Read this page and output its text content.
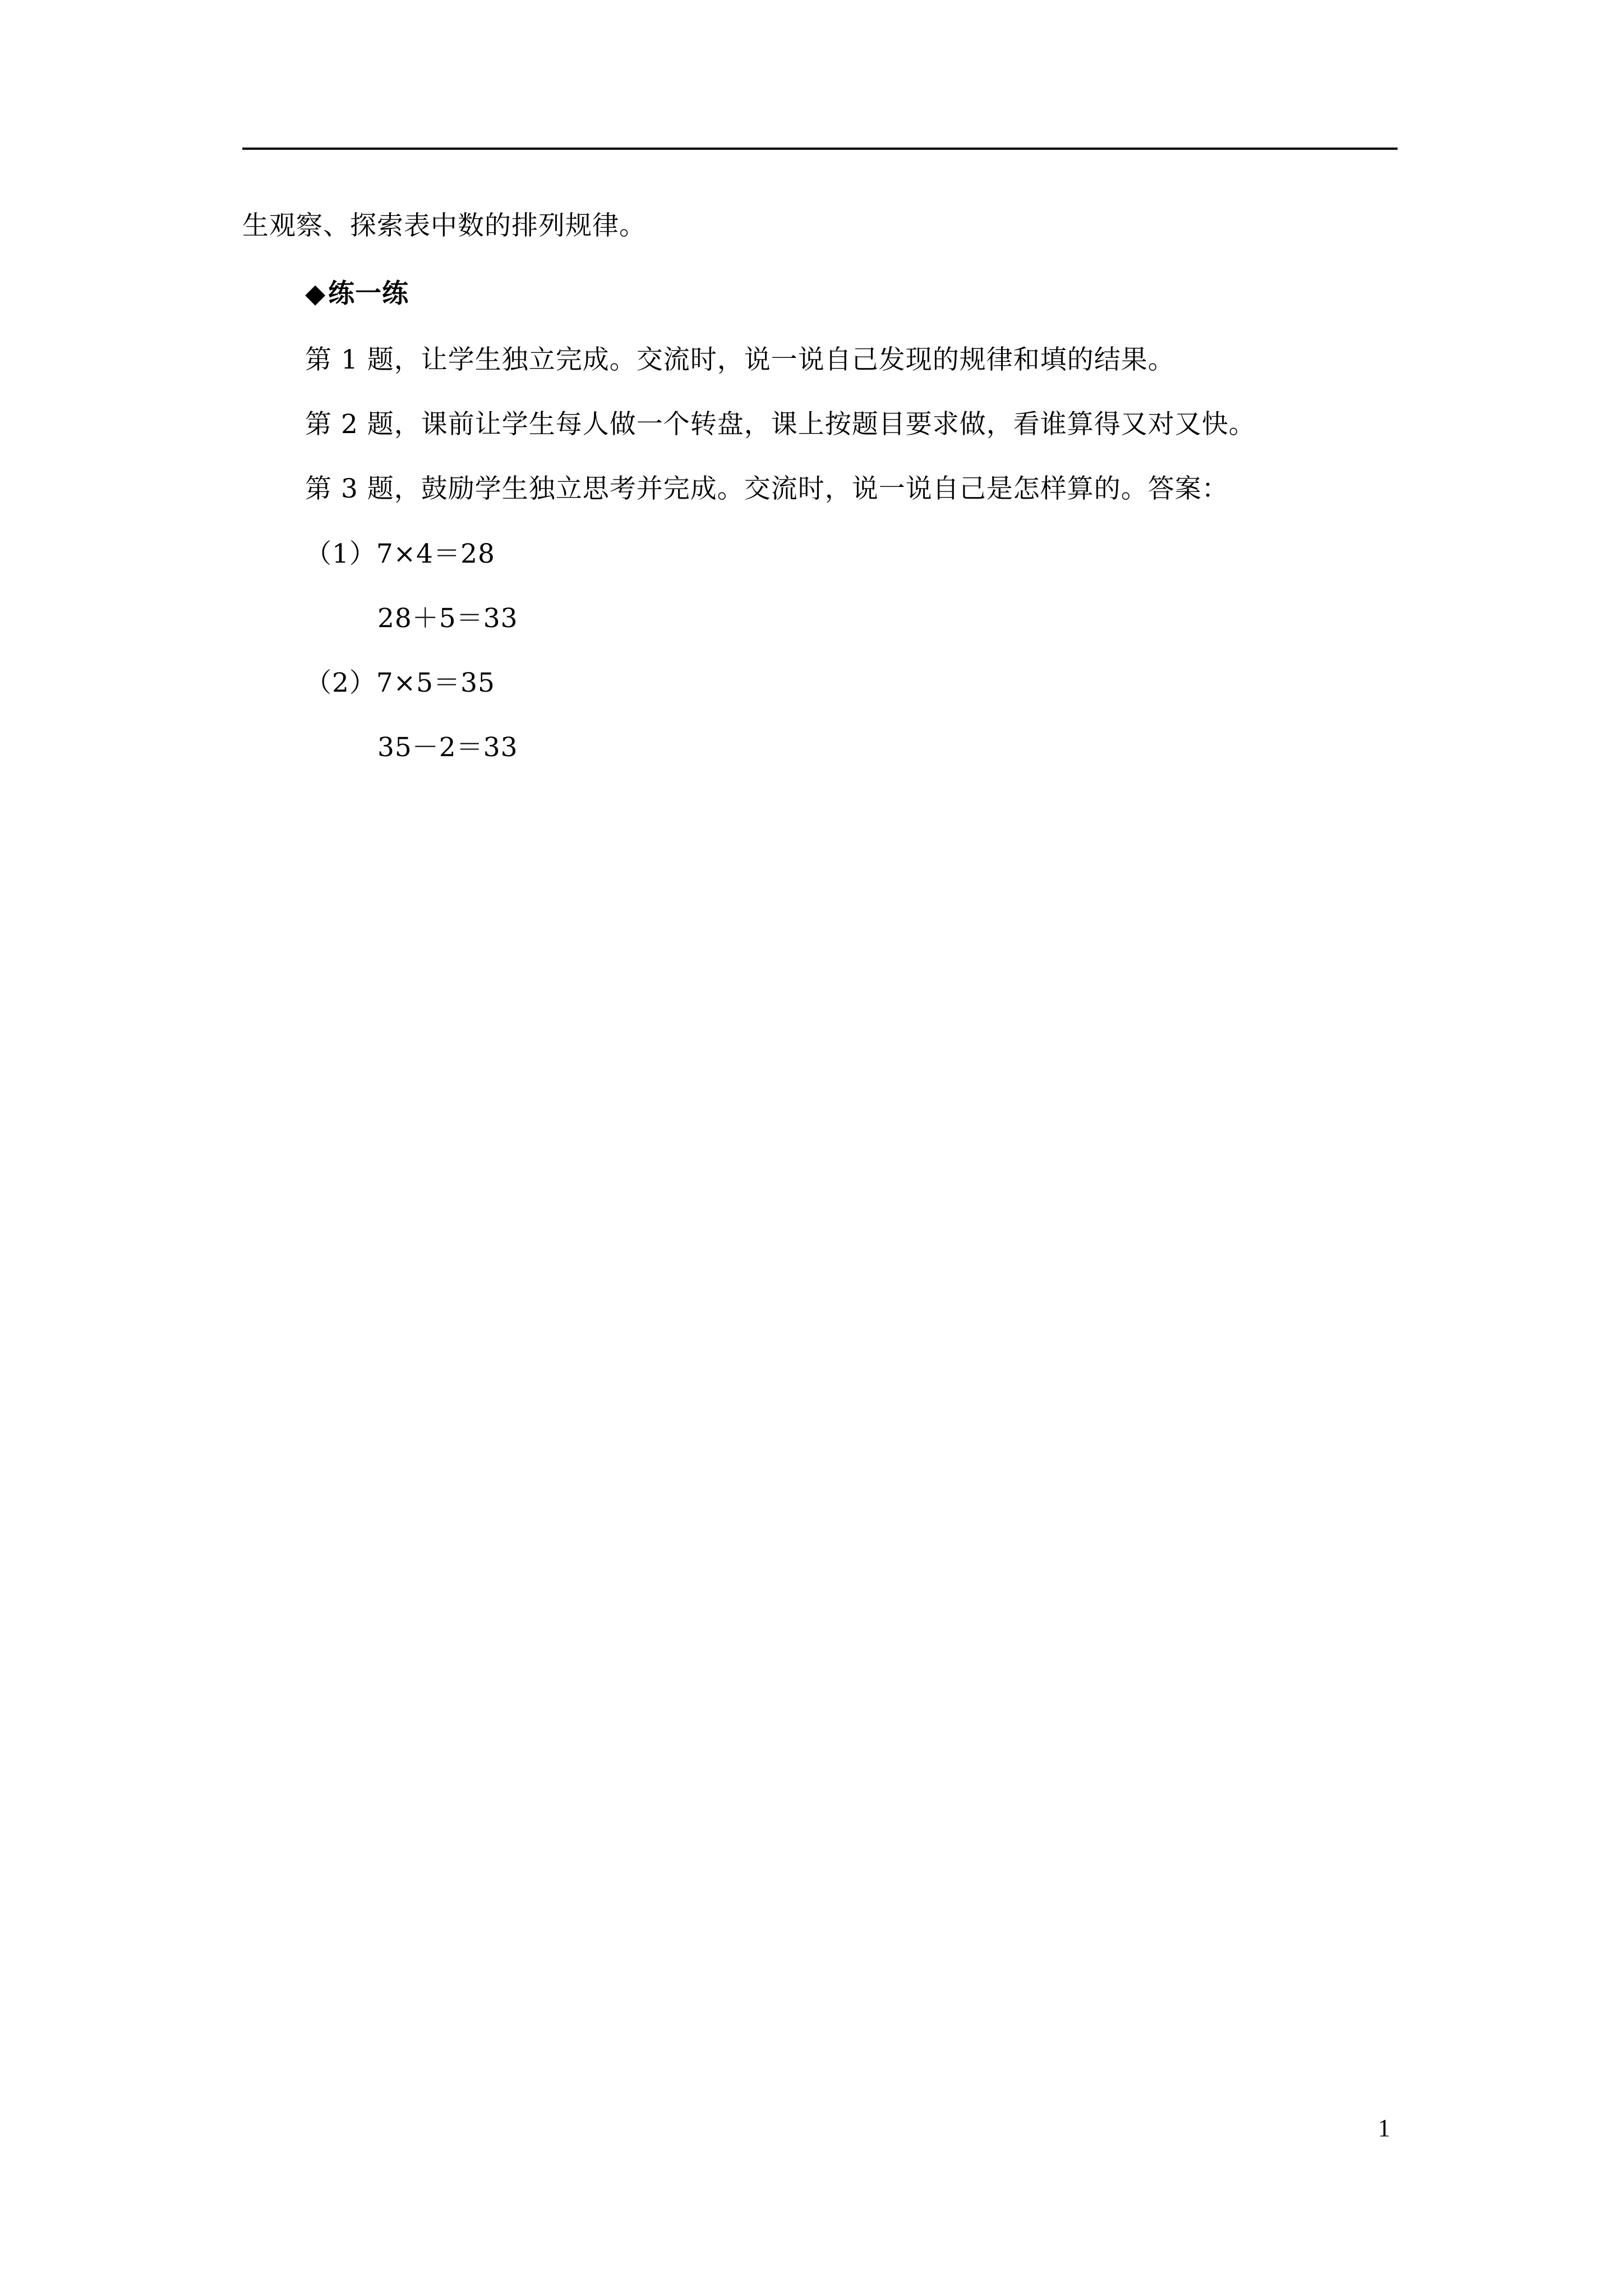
生观察、探索表中数的排列规律。
◆练一练
第 1 题，让学生独立完成。交流时，说一说自己发现的规律和填的结果。
第 2 题，课前让学生每人做一个转盘，课上按题目要求做，看谁算得又对又快。
第 3 题，鼓励学生独立思考并完成。交流时，说一说自己是怎样算的。答案：
（1）7×4＝28
28＋5＝33
（2）7×5＝35
35－2＝33
1
